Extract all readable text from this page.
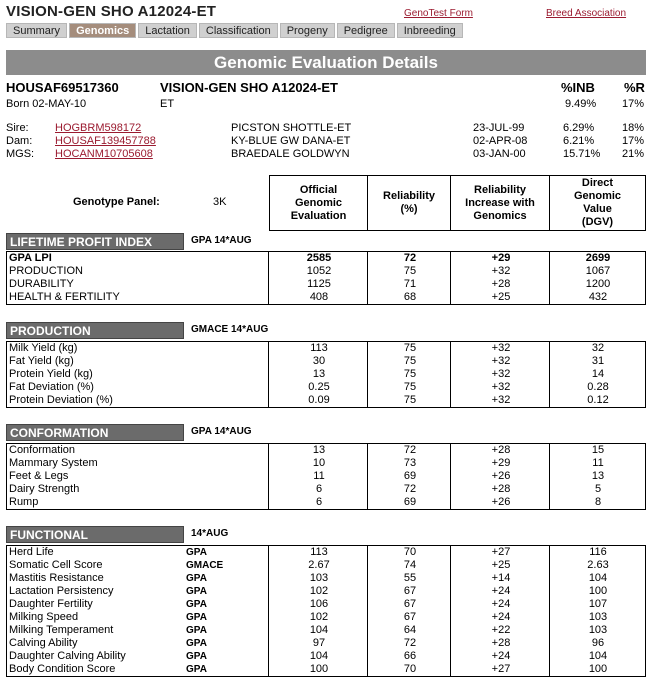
VISION-GEN SHO A12024-ET	GenoTest Form	Breed Association
Summary	Genomics	Lactation	Classification	Progeny	Pedigree	Inbreeding
Genomic Evaluation Details
HOUSAF69517360	VISION-GEN SHO A12024-ET	%INB %R
Born 02-MAY-10	ET	9.49% 17%
Sire: HOGBRM598172	PICSTON SHOTTLE-ET	23-JUL-99	6.29%	18%
Dam: HOUSAF139457788	KY-BLUE GW DANA-ET	02-APR-08	6.21%	17%
MGS: HOCANM10705608	BRAEDALE GOLDWYN	03-JAN-00	15.71% 21%
Genotype Panel:	3K
Official Genomic Evaluation
Reliability (%)
Reliability Increase with Genomics
Direct Genomic Value (DGV)
LIFETIME PROFIT INDEX	GPA 14*AUG
GPA LPI	2585	72	+29	2699
PRODUCTION	1052	75	+32	1067
DURABILITY	1125	71	+28	1200
HEALTH & FERTILITY	408	68	+25	432
PRODUCTION	GMACE 14*AUG
Milk Yield (kg)	113	75	+32	32
Fat Yield (kg)	30	75	+32	31
Protein Yield (kg)	13	75	+32	14
Fat Deviation (%)	0.25	75	+32	0.28
Protein Deviation (%)	0.09	75	+32	0.12
CONFORMATION	GPA 14*AUG
Conformation	13	72	+28	15
Mammary System	10	73	+29	11
Feet & Legs	11	69	+26	13
Dairy Strength	6	72	+28	5
Rump	6	69	+26	8
FUNCTIONAL	14*AUG
Herd Life	GPA	113	70	+27	116
Somatic Cell Score	GMACE	2.67	74	+25	2.63
Mastitis Resistance	GPA	103	55	+14	104
Lactation Persistency	GPA	102	67	+24	100
Daughter Fertility	GPA	106	67	+24	107
Milking Speed	GPA	102	67	+24	103
Milking Temperament	GPA	104	64	+22	103
Calving Ability	GPA	97	72	+28	96
Daughter Calving Ability	GPA	104	66	+24	104
Body Condition Score	GPA	100	70	+27	100
